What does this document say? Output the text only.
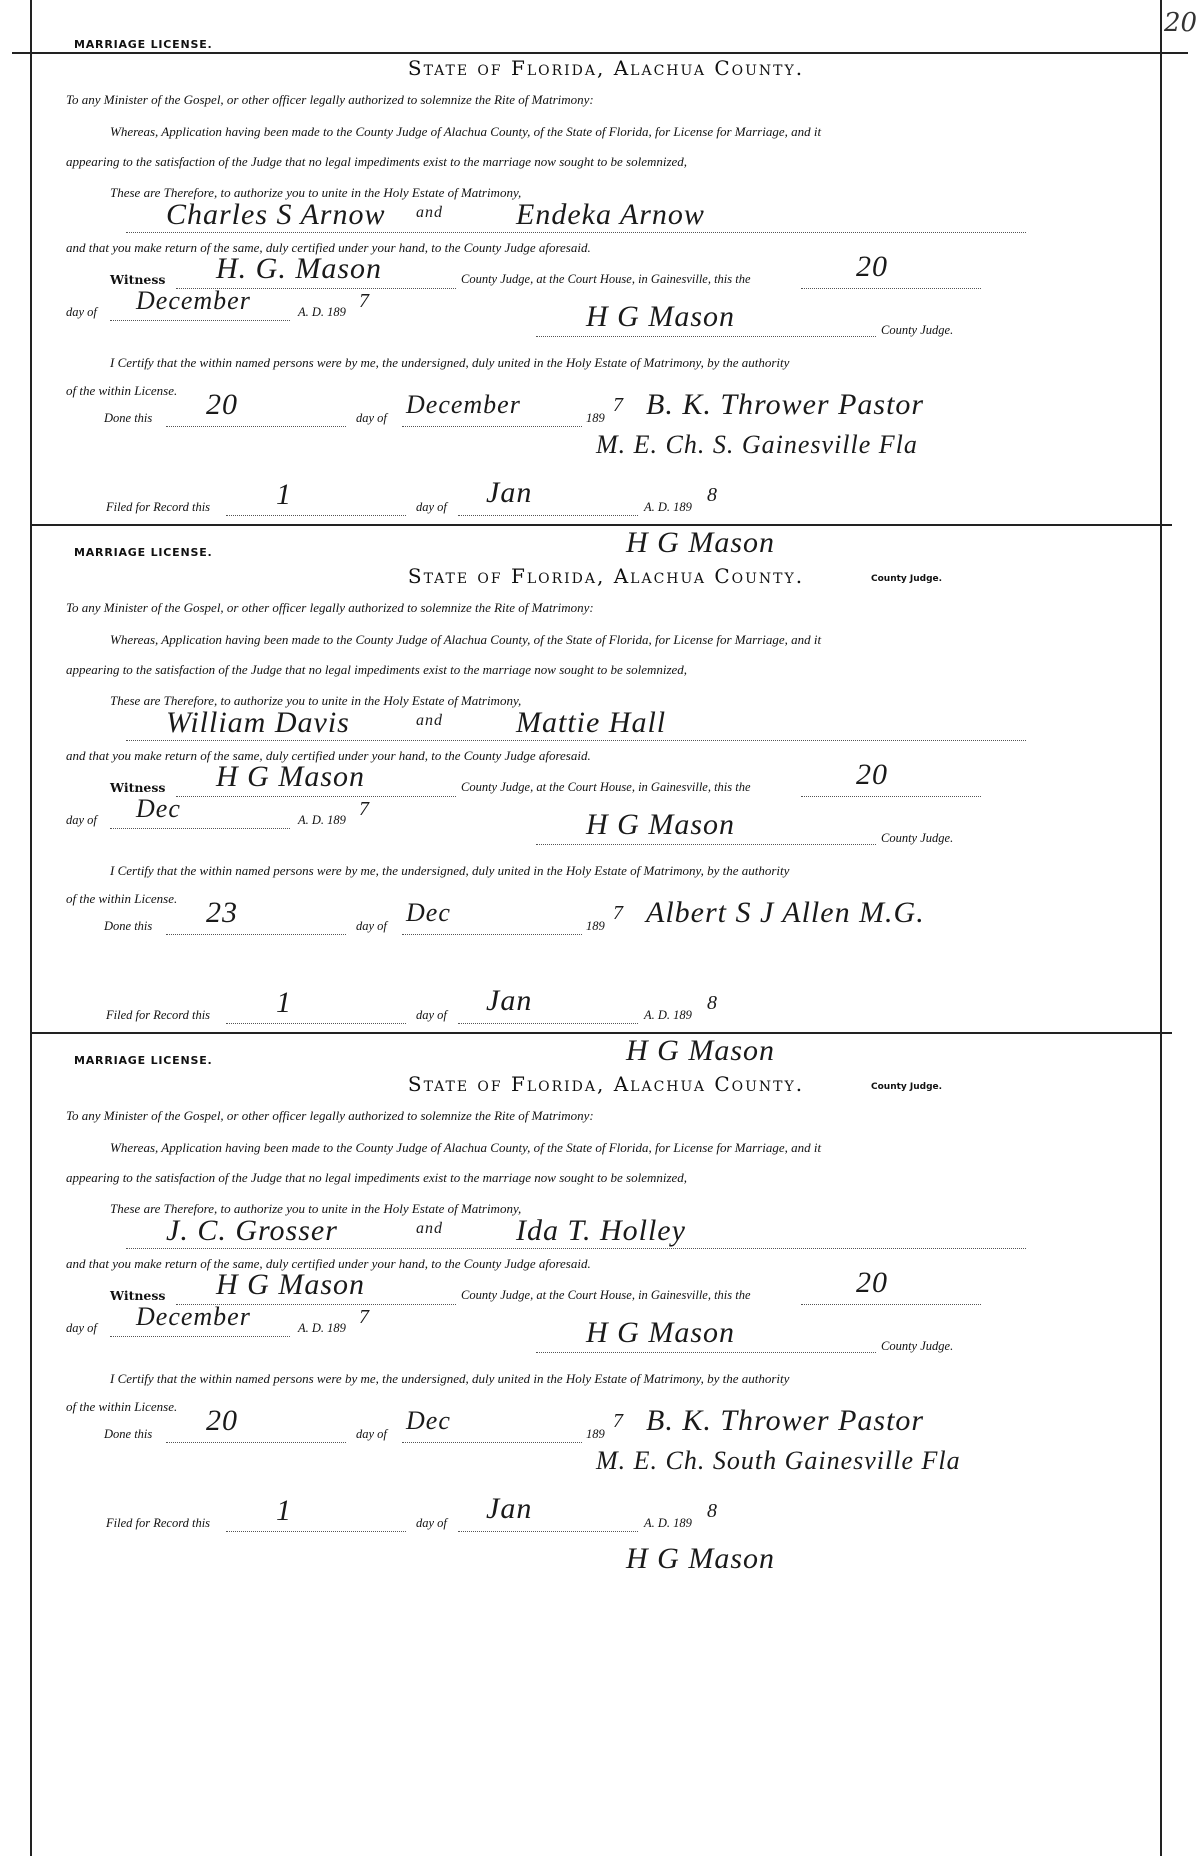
20
MARRIAGE LICENSE.
State of Florida, Alachua County.
To any Minister of the Gospel, or other officer legally authorized to solemnize the Rite of Matrimony:
Whereas, Application having been made to the County Judge of Alachua County, of the State of Florida, for License for Marriage, and it
appearing to the satisfaction of the Judge that no legal impediments exist to the marriage now sought to be solemnized,
These are Therefore, to authorize you to unite in the Holy Estate of Matrimony,
Charles S Arnow and Endeka Arnow
and that you make return of the same, duly certified under your hand, to the County Judge aforesaid.
Witness H. G. Mason	County Judge, at the Court House, in Gainesville, this the	20
day of December	A. D. 189 7	H G Mason	County Judge.
I Certify that the within named persons were by me, the undersigned, duly united in the Holy Estate of Matrimony, by the authority
of the within License.
Done this 20	day of December	189
7 B. K. Thrower Pastor
M. E. Ch. S. Gainesville Fla
Filed for Record this 1	day of Jan	A. D. 189
8
H G Mason
County Judge.
MARRIAGE LICENSE.
State of Florida, Alachua County.
To any Minister of the Gospel, or other officer legally authorized to solemnize the Rite of Matrimony:
Whereas, Application having been made to the County Judge of Alachua County, of the State of Florida, for License for Marriage, and it
appearing to the satisfaction of the Judge that no legal impediments exist to the marriage now sought to be solemnized,
These are Therefore, to authorize you to unite in the Holy Estate of Matrimony,
William Davis	and Mattie Hall
and that you make return of the same, duly certified under your hand, to the County Judge aforesaid.
Witness H G Mason	County Judge, at the Court House, in Gainesville, this the	20
day of Dec	A. D. 189 7	H G Mason	County Judge.
I Certify that the within named persons were by me, the undersigned, duly united in the Holy Estate of Matrimony, by the authority
of the within License.
Done this 23	day of Dec	189
7 Albert S J Allen M.G.
Filed for Record this 1	day of Jan	A. D. 189
8
H G Mason
County Judge.
MARRIAGE LICENSE.
State of Florida, Alachua County.
To any Minister of the Gospel, or other officer legally authorized to solemnize the Rite of Matrimony:
Whereas, Application having been made to the County Judge of Alachua County, of the State of Florida, for License for Marriage, and it
appearing to the satisfaction of the Judge that no legal impediments exist to the marriage now sought to be solemnized,
These are Therefore, to authorize you to unite in the Holy Estate of Matrimony,
J. C. Grosser	and Ida T. Holley
and that you make return of the same, duly certified under your hand, to the County Judge aforesaid.
Witness H G Mason	County Judge, at the Court House, in Gainesville, this the	20
day of December	A. D. 189 7	H G Mason	County Judge.
I Certify that the within named persons were by me, the undersigned, duly united in the Holy Estate of Matrimony, by the authority
of the within License.
Done this 20	day of Dec	189
7 B. K. Thrower Pastor
M. E. Ch. South Gainesville Fla
Filed for Record this 1	day of Jan	A. D. 189
8
H G Mason
